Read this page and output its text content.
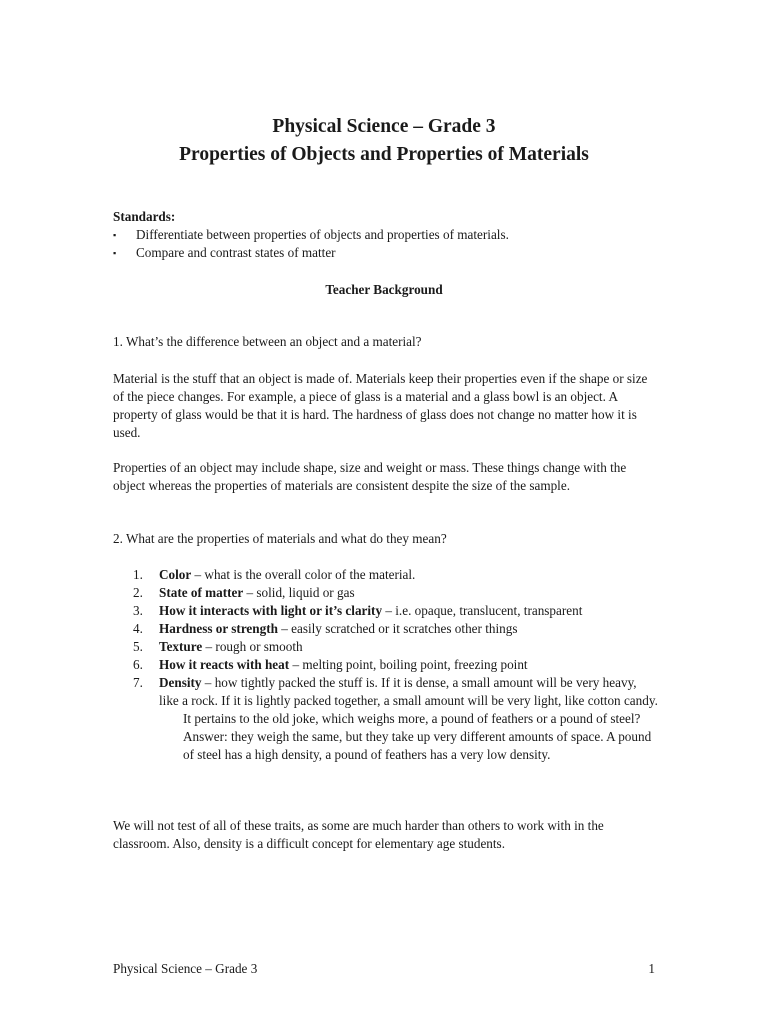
Physical Science – Grade 3
Properties of Objects and Properties of Materials
Standards:
▪ Differentiate between properties of objects and properties of materials.
▪ Compare and contrast states of matter
Teacher Background

1. What’s the difference between an object and a material?

Material is the stuff that an object is made of. Materials keep their properties even if the shape or size of the piece changes. For example, a piece of glass is a material and a glass bowl is an object. A property of glass would be that it is hard. The hardness of glass does not change no matter how it is used.

Properties of an object may include shape, size and weight or mass. These things change with the object whereas the properties of materials are consistent despite the size of the sample.

2. What are the properties of materials and what do they mean?

1. Color – what is the overall color of the material.
2. State of matter – solid, liquid or gas
3. How it interacts with light or it’s clarity – i.e. opaque, translucent, transparent
4. Hardness or strength – easily scratched or it scratches other things
5. Texture – rough or smooth
6. How it reacts with heat – melting point, boiling point, freezing point
7. Density – how tightly packed the stuff is. If it is dense, a small amount will be very heavy, like a rock. If it is lightly packed together, a small amount will be very light, like cotton candy.

It pertains to the old joke, which weighs more, a pound of feathers or a pound of steel? Answer: they weigh the same, but they take up very different amounts of space. A pound of steel has a high density, a pound of feathers has a very low density.

We will not test of all of these traits, as some are much harder than others to work with in the classroom. Also, density is a difficult concept for elementary age students.

Physical Science – Grade 3	1
